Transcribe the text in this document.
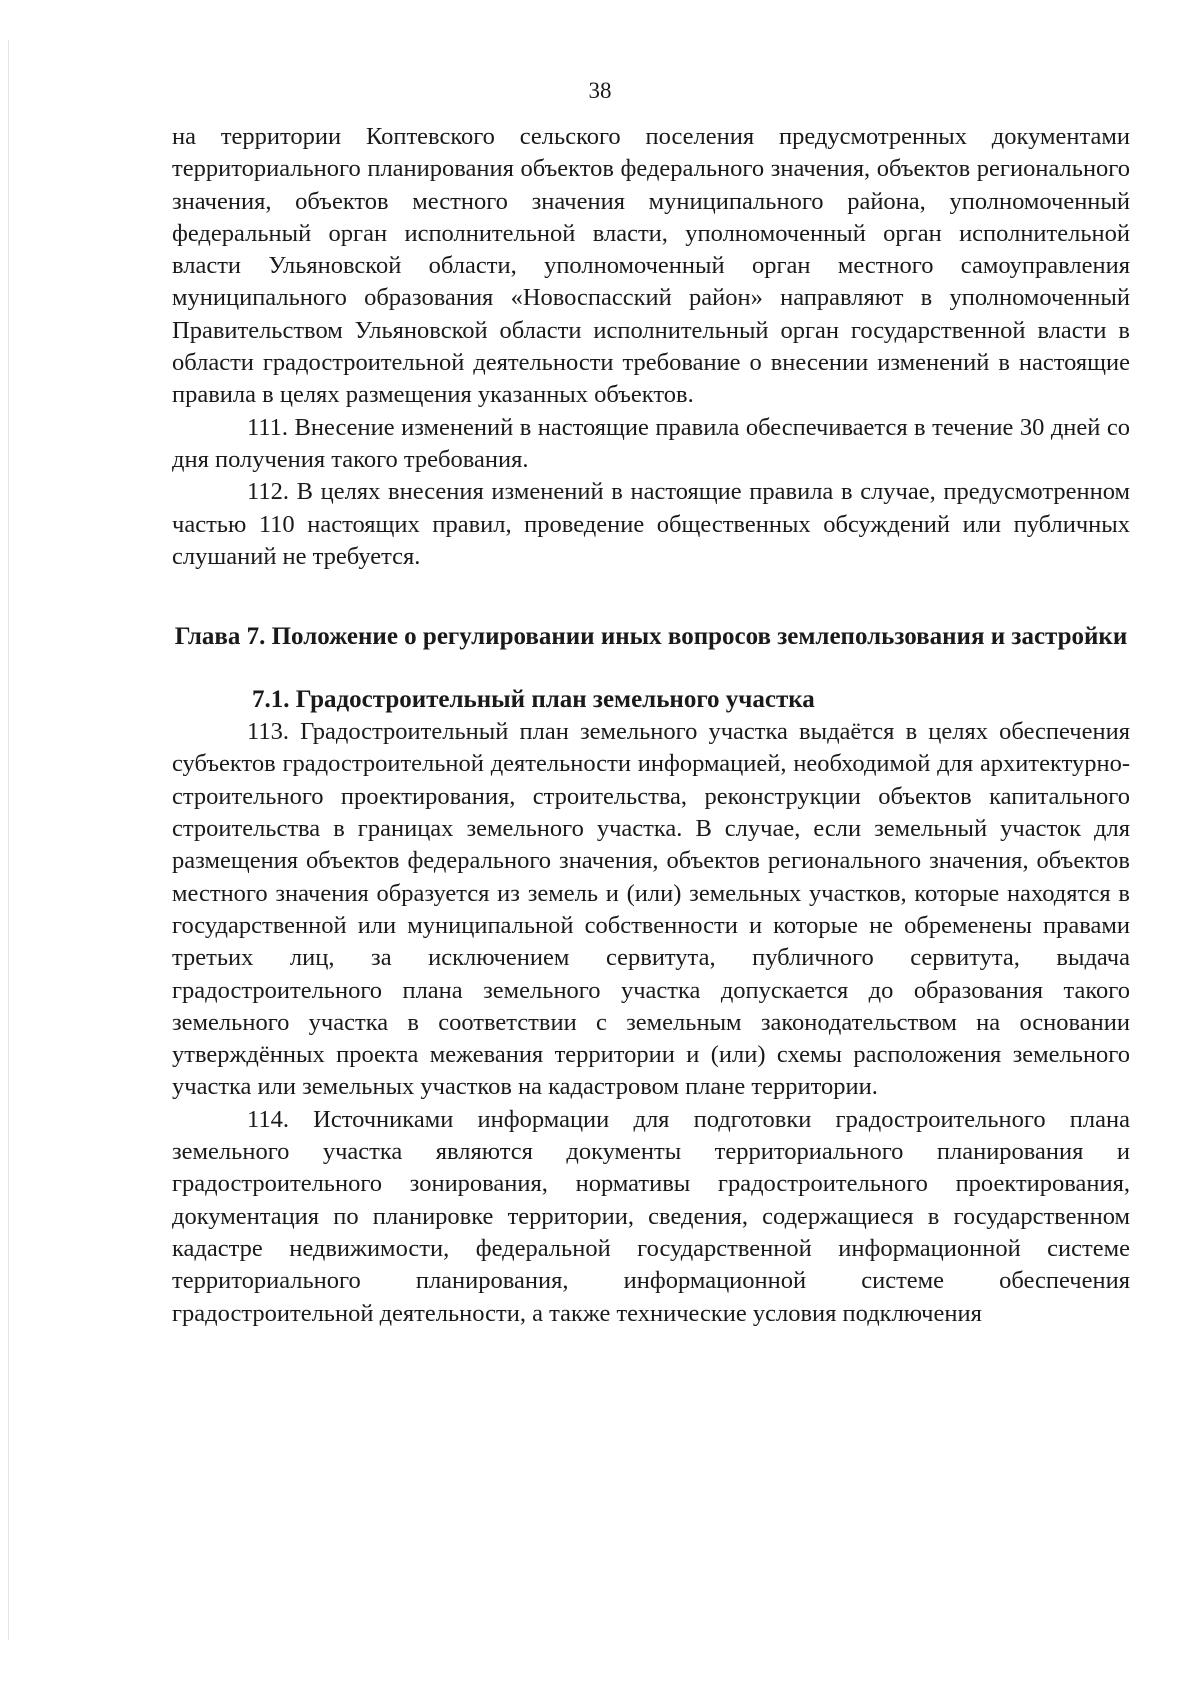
38

на территории Коптевского сельского поселения предусмотренных документами территориального планирования объектов федерального значения, объектов регионального значения, объектов местного значения муниципального района, уполномоченный федеральный орган исполнительной власти, уполномоченный орган исполнительной власти Ульяновской области, уполномоченный орган местного самоуправления муниципального образования «Новоспасский район» направляют в уполномоченный Правительством Ульяновской области исполнительный орган государственной власти в области градостроительной деятельности требование о внесении изменений в настоящие правила в целях размещения указанных объектов.

111. Внесение изменений в настоящие правила обеспечивается в течение 30 дней со дня получения такого требования.

112. В целях внесения изменений в настоящие правила в случае, предусмотренном частью 110 настоящих правил, проведение общественных обсуждений или публичных слушаний не требуется.

Глава 7. Положение о регулировании иных вопросов землепользования и застройки
7.1. Градостроительный план земельного участка

113. Градостроительный план земельного участка выдаётся в целях обеспечения субъектов градостроительной деятельности информацией, необходимой для архитектурно-строительного проектирования, строительства, реконструкции объектов капитального строительства в границах земельного участка. В случае, если земельный участок для размещения объектов федерального значения, объектов регионального значения, объектов местного значения образуется из земель и (или) земельных участков, которые находятся в государственной или муниципальной собственности и которые не обременены правами третьих лиц, за исключением сервитута, публичного сервитута, выдача градостроительного плана земельного участка допускается до образования такого земельного участка в соответствии с земельным законодательством на основании утверждённых проекта межевания территории и (или) схемы расположения земельного участка или земельных участков на кадастровом плане территории.

114. Источниками информации для подготовки градостроительного плана земельного участка являются документы территориального планирования и градостроительного зонирования, нормативы градостроительного проектирования, документация по планировке территории, сведения, содержащиеся в государственном кадастре недвижимости, федеральной государственной информационной системе территориального планирования, информационной системе обеспечения градостроительной деятельности, а также технические условия подключения
